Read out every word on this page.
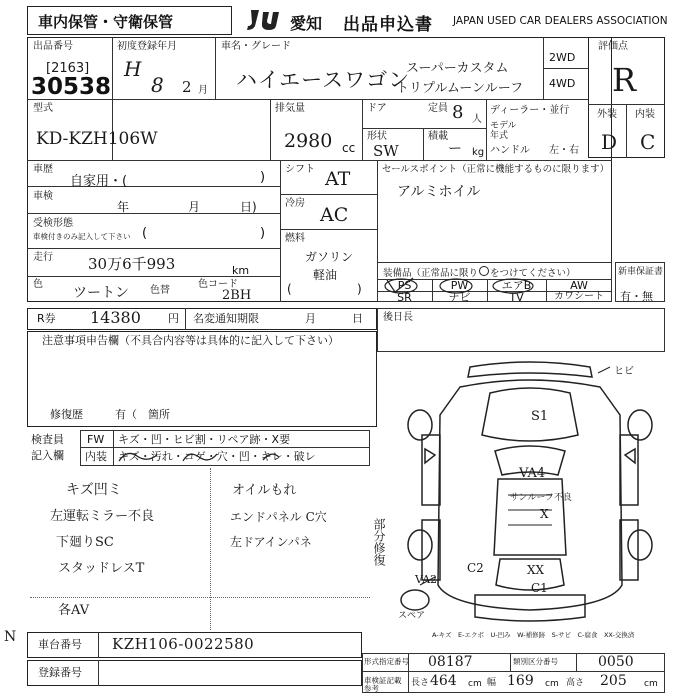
車内保管・守衛保管	愛知 出品申込書 JAPAN USED CAR DEALERS ASSOCIATION
出品番号
[2163]
30538
初度登録年月
H
8 2 月
車名・グレード
ハイエースワゴン
スーパーカスタム
トリプルムーンルーフ
2WD
4WD
評価点
R
外装 内装
D C
型式
KD-KZH106W
排気量
2980 cc
ドア	定員 8 人
形状
SW
積載
ー kg
ディーラー・並行
モデル
年式
ハンドル 左・右
車歴
自家用・(	)
車検
年	月	日)
受検形態
車検付きのみ記入して下さい (	)
走行 30万6千993	km
色
ツートン 色替
色コード
2BH
シフト AT
冷房
AC
燃料
ガソリン
軽油
(	)
セールスポイント（正常に機能するものに限ります）
アルミホイル
装備品（正常品に限り○をつけてください）
PS	PW	エアB	AW
SR	ナビ	TV	カワシート
新車保証書
有・無
R券 14380 円 名変通知期限	月	日 後日長
注意事項申告欄（不具合内容等は具体的に記入して下さい）
修復歴	有（ 箇所
検査員
記入欄
FW キズ・凹・ヒビ割・リペア跡・X要
内装 キズ・汚れ・コゲ・穴・凹・キレ・破レ
キズ凹ミ
左運転ミラー不良
下廻りSC
スタッドレスT
各AV
オイルもれ
エンドパネル C穴
左ドアインパネ	部分修復
N
S1
VA4
サンルーフ不良
X
C2	XX
C1
VA2
スペア
ヒビ
A-キズ　E-エクボ　U-凹み　W-補修跡　S-サビ　C-腐食　XX-交換済
車台番号 KZH106-0022580
登録番号
形式指定番号 08187	類別区分番号	0050
車検証記載参考
長さ 464 cm 幅 169 cm 高さ 205 cm
